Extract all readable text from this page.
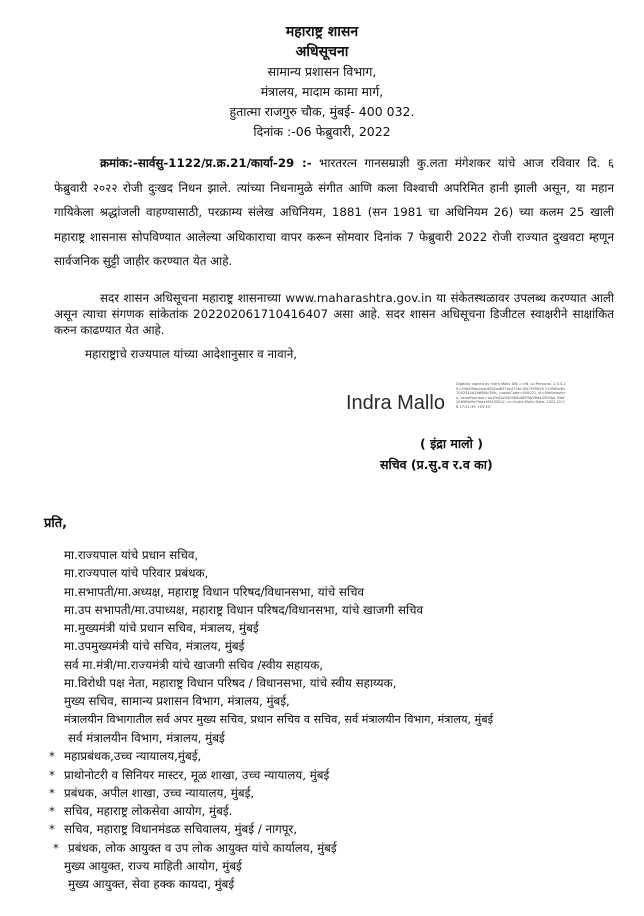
महाराष्ट्र शासन
अधिसूचना
सामान्य प्रशासन विभाग,
मंत्रालय, मादाम कामा मार्ग,
हुतात्मा राजगुरु चौक, मुंबई- 400 032.
दिनांक :-06 फेब्रुवारी, 2022
क्रमांक:-सार्वसु-1122/प्र.क्र.21/कार्या-29 :- भारतरत्न गानसम्राज्ञी कु.लता मंगेशकर यांचे आज रविवार दि. ६ फेब्रुवारी २०२२ रोजी दुःखद निधन झाले. त्यांच्या निधनामुळे संगीत आणि कला विश्वाची अपरिमित हानी झाली असून, या महान गायिकेला श्रद्धांजली वाहण्यासाठी, परक्राम्य संलेख अधिनियम, 1881 (सन 1981 चा अधिनियम 26) च्या कलम 25 खाली महाराष्ट्र शासनास सोपविण्यात आलेल्या अधिकाराचा वापर करून सोमवार दिनांक 7 फेब्रुवारी 2022 रोजी राज्यात दुखवटा म्हणून सार्वजनिक सुट्टी जाहीर करण्यात येत आहे.
सदर शासन अधिसूचना महाराष्ट्र शासनाच्या www.maharashtra.gov.in या संकेतस्थळावर उपलब्ध करण्यात आली असून त्याचा संगणक सांकेतांक 202202061710416407 असा आहे. सदर शासन अधिसूचना डिजीटल स्वाक्षरीने साक्षांकित करुन काढण्यात येत आहे.
महाराष्ट्राचे राज्यपाल यांच्या आदेशानुसार व नावाने,
Indra Mallo
Digitally signed by Indra Mallo DN: c=IN, o=Personal, 2.5.4.20=30b4f5bb4eac6f32ad857ac479bc78e7f55626 21999fe4fc7002542b2fdf8f4c3f9c, postalCode=400021, st=Maharashtra, serialNumber=aa1fed1e9404bfb485f5b96d4f2f05ba 34ef2069f9e9e7feae0f34350c2, cn=Indra Mallo Date: 2022.02.06 17:21:39 +05'30'
( इंद्रा मालो )
सचिव (प्र.सु.व र.व का)
प्रति,
मा.राज्यपाल यांचे प्रधान सचिव,
मा.राज्यपाल यांचे परिवार प्रबंधक,
मा.सभापती/मा.अध्यक्ष, महाराष्ट्र विधान परिषद/विधानसभा, यांचे सचिव
मा.उप सभापती/मा.उपाध्यक्ष, महाराष्ट्र विधान परिषद/विधानसभा, यांचे खाजगी सचिव
मा.मुख्यमंत्री यांचे प्रधान सचिव, मंत्रालय, मुंबई
मा.उपमुख्यमंत्री यांचे सचिव, मंत्रालय, मुंबई
सर्व मा.मंत्री/मा.राज्यमंत्री यांचे खाजगी सचिव /स्वीय सहायक,
मा.विरोधी पक्ष नेता, महाराष्ट्र विधान परिषद / विधानसभा, यांचे स्वीय सहाय्यक,
मुख्य सचिव, सामान्य प्रशासन विभाग, मंत्रालय, मुंबई,
मंत्रालयीन विभागातील सर्व अपर मुख्य सचिव, प्रधान सचिव व सचिव, सर्व मंत्रालयीन विभाग, मंत्रालय, मुंबई
सर्व मंत्रालयीन विभाग, मंत्रालय, मुंबई
* महाप्रबंधक,उच्च न्यायालय,मुंबई,
* प्राथोनोटरी व सिनियर मास्टर, मूळ शाखा, उच्च न्यायालय, मुंबई
* प्रबंधक, अपील शाखा, उच्च न्यायालय, मुंबई,
* सचिव, महाराष्ट्र लोकसेवा आयोग, मुंबई.
* सचिव, महाराष्ट्र विधानमंडळ सचिवालय, मुंबई / नागपूर,
* प्रबंधक, लोक आयुक्त व उप लोक आयुक्त यांचे कार्यालय, मुंबई
मुख्य आयुक्त, राज्य माहिती आयोग, मुंबई
मुख्य आयुक्त, सेवा हक्क कायदा, मुंबई
